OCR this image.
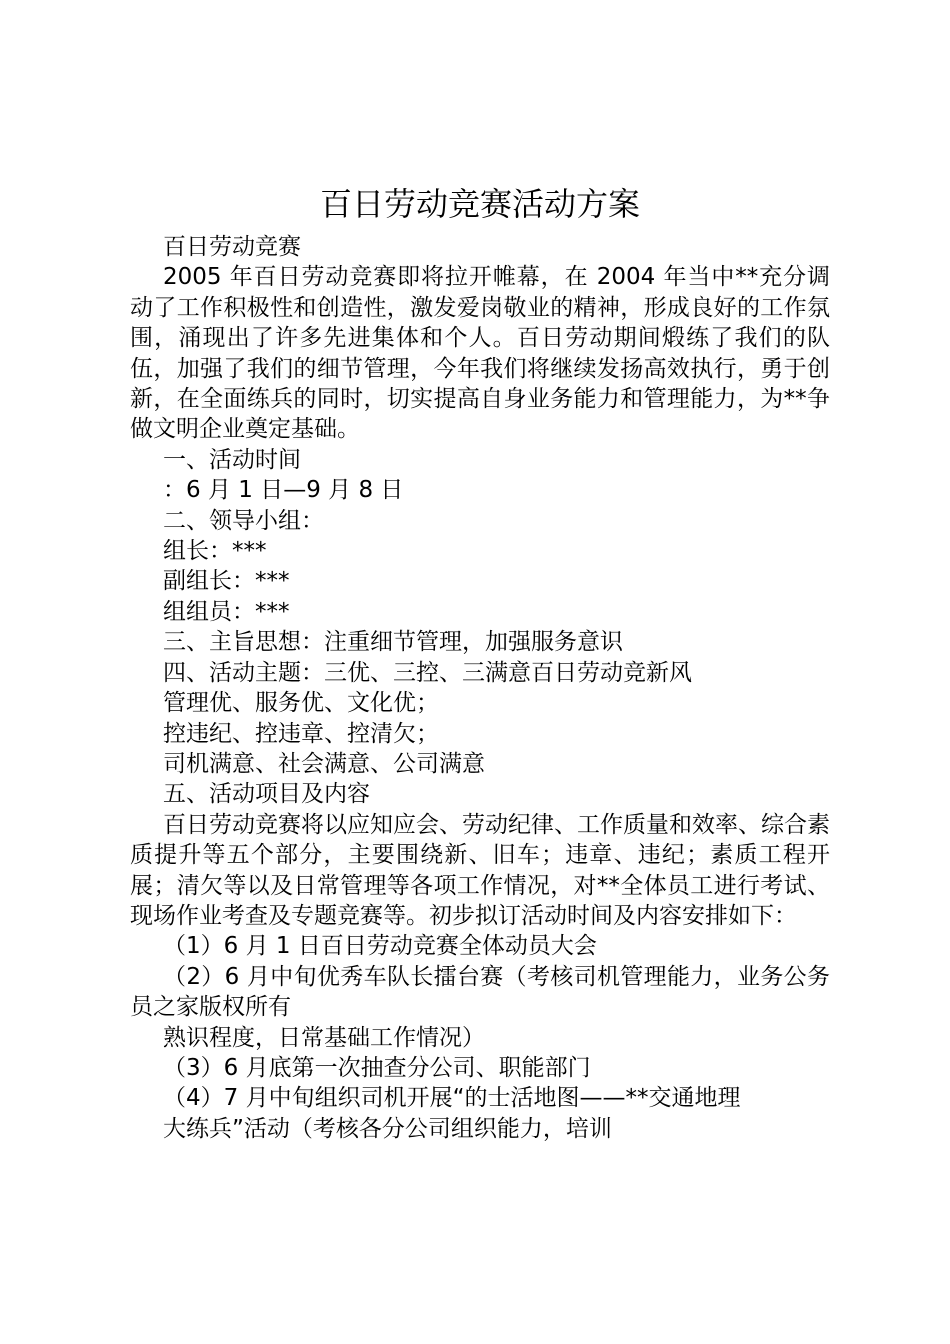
百日劳动竞赛活动方案

百日劳动竞赛

2005 年百日劳动竞赛即将拉开帷幕，在 2004 年当中**充分调动了工作积极性和创造性，激发爱岗敬业的精神，形成良好的工作氛围，涌现出了许多先进集体和个人。百日劳动期间煅练了我们的队伍，加强了我们的细节管理，今年我们将继续发扬高效执行，勇于创新，在全面练兵的同时，切实提高自身业务能力和管理能力，为**争做文明企业奠定基础。

一、活动时间

：6 月 1 日—9 月 8 日

二、领导小组：

组长：***

副组长：***

组组员：***

三、主旨思想：注重细节管理，加强服务意识

四、活动主题：三优、三控、三满意百日劳动竞新风

管理优、服务优、文化优；

控违纪、控违章、控清欠；

司机满意、社会满意、公司满意

五、活动项目及内容

百日劳动竞赛将以应知应会、劳动纪律、工作质量和效率、综合素质提升等五个部分，主要围绕新、旧车；违章、违纪；素质工程开展；清欠等以及日常管理等各项工作情况，对**全体员工进行考试、现场作业考查及专题竞赛等。初步拟订活动时间及内容安排如下：

（1）6 月 1 日百日劳动竞赛全体动员大会

（2）6 月中旬优秀车队长擂台赛（考核司机管理能力，业务公务员之家版权所有

熟识程度，日常基础工作情况）

（3）6 月底第一次抽查分公司、职能部门

（4）7 月中旬组织司机开展“的士活地图——**交通地理

大练兵”活动（考核各分公司组织能力，培训
